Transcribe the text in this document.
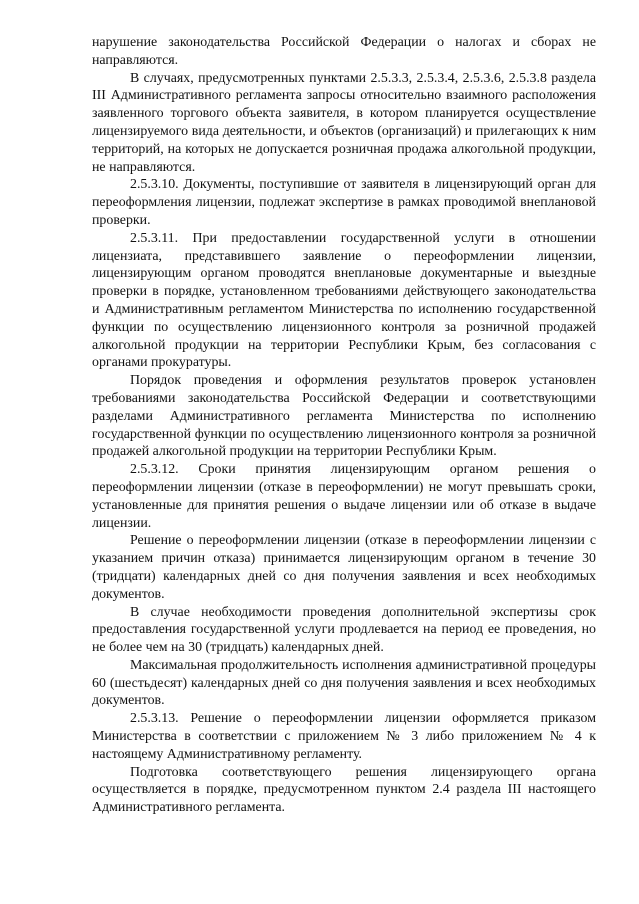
нарушение законодательства Российской Федерации о налогах и сборах не направляются.

В случаях, предусмотренных пунктами 2.5.3.3, 2.5.3.4, 2.5.3.6, 2.5.3.8 раздела III Административного регламента запросы относительно взаимного расположения заявленного торгового объекта заявителя, в котором планируется осуществление лицензируемого вида деятельности, и объектов (организаций) и прилегающих к ним территорий, на которых не допускается розничная продажа алкогольной продукции, не направляются.

2.5.3.10. Документы, поступившие от заявителя в лицензирующий орган для переоформления лицензии, подлежат экспертизе в рамках проводимой внеплановой проверки.

2.5.3.11. При предоставлении государственной услуги в отношении лицензиата, представившего заявление о переоформлении лицензии, лицензирующим органом проводятся внеплановые документарные и выездные проверки в порядке, установленном требованиями действующего законодательства и Административным регламентом Министерства по исполнению государственной функции по осуществлению лицензионного контроля за розничной продажей алкогольной продукции на территории Республики Крым, без согласования с органами прокуратуры.

Порядок проведения и оформления результатов проверок установлен требованиями законодательства Российской Федерации и соответствующими разделами Административного регламента Министерства по исполнению государственной функции по осуществлению лицензионного контроля за розничной продажей алкогольной продукции на территории Республики Крым.

2.5.3.12. Сроки принятия лицензирующим органом решения о переоформлении лицензии (отказе в переоформлении) не могут превышать сроки, установленные для принятия решения о выдаче лицензии или об отказе в выдаче лицензии.

Решение о переоформлении лицензии (отказе в переоформлении лицензии с указанием причин отказа) принимается лицензирующим органом в течение 30 (тридцати) календарных дней со дня получения заявления и всех необходимых документов.

В случае необходимости проведения дополнительной экспертизы срок предоставления государственной услуги продлевается на период ее проведения, но не более чем на 30 (тридцать) календарных дней.

Максимальная продолжительность исполнения административной процедуры 60 (шестьдесят) календарных дней со дня получения заявления и всех необходимых документов.

2.5.3.13. Решение о переоформлении лицензии оформляется приказом Министерства в соответствии с приложением № 3 либо приложением № 4 к настоящему Административному регламенту.

Подготовка соответствующего решения лицензирующего органа осуществляется в порядке, предусмотренном пунктом 2.4 раздела III настоящего Административного регламента.
